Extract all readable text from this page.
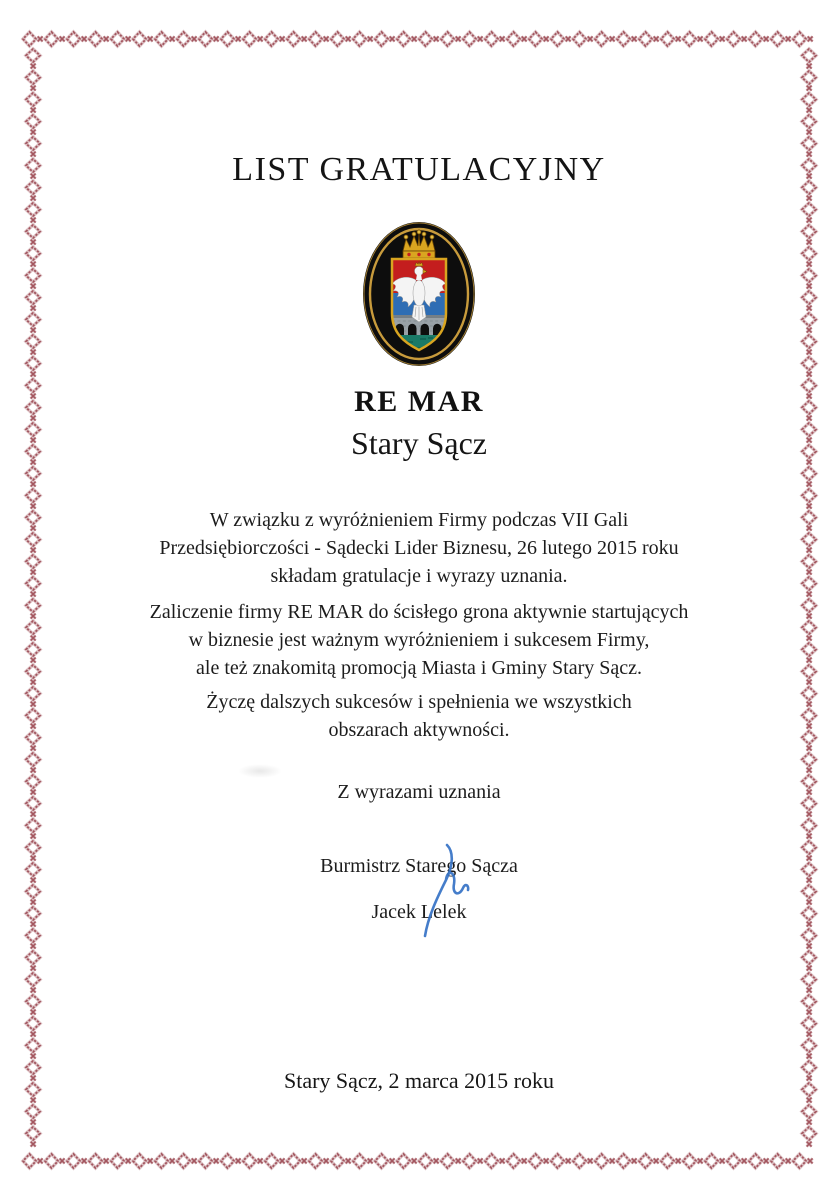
LIST GRATULACYJNY
RE MAR
Stary Sącz
W związku z wyróżnieniem Firmy podczas VII Gali
Przedsiębiorczości - Sądecki Lider Biznesu, 26 lutego 2015 roku
składam gratulacje i wyrazy uznania.
Zaliczenie firmy RE MAR do ścisłego grona aktywnie startujących
w biznesie jest ważnym wyróżnieniem i sukcesem Firmy,
ale też znakomitą promocją Miasta i Gminy Stary Sącz.
Życzę dalszych sukcesów i spełnienia we wszystkich
obszarach aktywności.
Z wyrazami uznania
Burmistrz Starego Sącza
Jacek Lelek
Stary Sącz, 2 marca 2015 roku
